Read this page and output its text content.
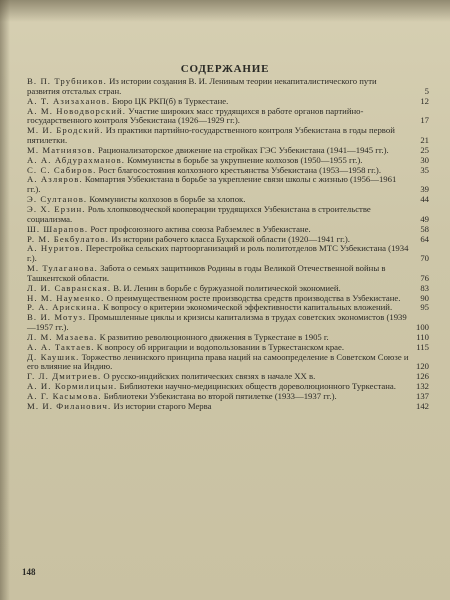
СОДЕРЖАНИЕ
В. П. Трубников. Из истории создания В. И. Лениным теории некапиталистического пути развития отсталых стран.	5
А. Т. Азизаханов. Бюро ЦК РКП(б) в Туркестане.	12
А. М. Новодворский. Участие широких масс трудящихся в работе органов партийно-государственного контроля Узбекистана (1926—1929 гг.).	17
М. И. Бродский. Из практики партийно-государственного контроля Узбекистана в годы первой пятилетки.	21
М. Матниязов. Рационализаторское движение на стройках ГЭС Узбекистана (1941—1945 гг.).	25
А. А. Абдурахманов. Коммунисты в борьбе за укрупнение колхозов (1950—1955 гг.).	30
С. С. Сабиров. Рост благосостояния колхозного крестьянства Узбекистана (1953—1958 гг.).	35
А. Азляров. Компартия Узбекистана в борьбе за укрепление связи школы с жизнью (1956—1961 гг.).	39
Э. Султанов. Коммунисты колхозов в борьбе за хлопок.	44
Э. Х. Ерзин. Роль хлопководческой кооперации трудящихся Узбекистана в строительстве социализма.	49
Ш. Шарапов. Рост профсоюзного актива союза Рабземлес в Узбекистане.	58
Р. М. Бекбулатов. Из истории рабочего класса Бухарской области (1920—1941 гг.).	64
А. Нуритов. Перестройка сельских партоорганизаций и роль политотделов МТС Узбекистана (1934 г.).	70
М. Тулаганова. Забота о семьях защитников Родины в годы Великой Отечественной войны в Ташкентской области.	76
Л. И. Савранская. В. И. Ленин в борьбе с буржуазной политической экономией.	83
Н. М. Науменко. О преимущественном росте производства средств производства в Узбекистане.	90
Р. А. Арискина. К вопросу о критерии экономической эффективности капитальных вложений.	95
В. И. Мотуз. Промышленные циклы и кризисы капитализма в трудах советских экономистов (1939—1957 гг.).	100
Л. М. Мазаева. К развитию революционного движения в Туркестане в 1905 г.	110
А. А. Тактаев. К вопросу об ирригации и водопользовании в Туркестанском крае.	115
Д. Каушик. Торжество ленинского принципа права наций на самоопределение в Советском Союзе и его влияние на Индию.	120
Г. Л. Дмитриев. О русско-индийских политических связях в начале XX в.	126
А. И. Кормилицын. Библиотеки научно-медицинских обществ дореволюционного Туркестана.	132
А. Г. Касымова. Библиотеки Узбекистана во второй пятилетке (1933—1937 гг.).	137
М. И. Филанович. Из истории старого Мерва	142
148
